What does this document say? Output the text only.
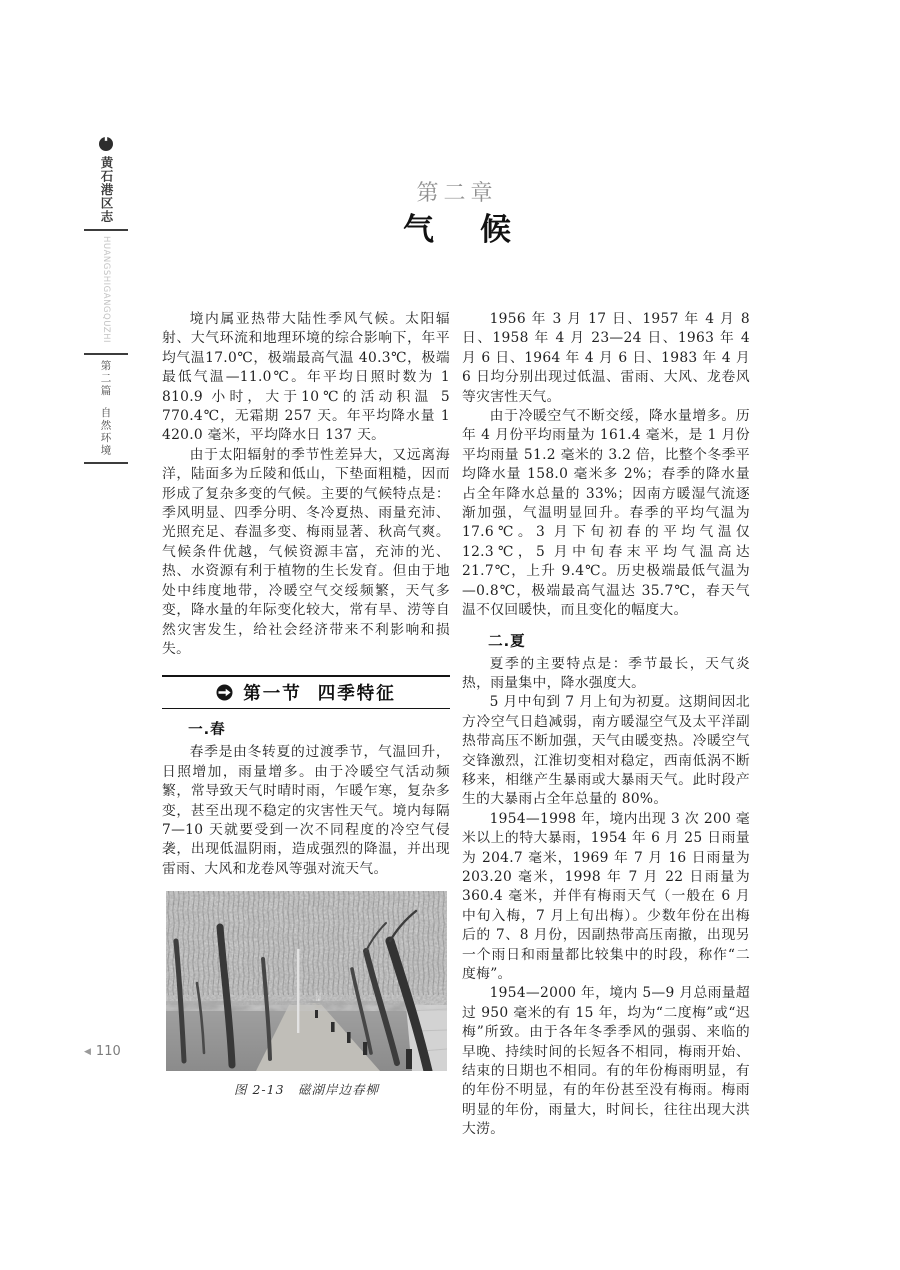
黄石港区志
HUANGSHIGANGQUZHI
第二篇
自然环境
第二章
气 候

境内属亚热带大陆性季风气候。太阳辐射、大气环流和地理环境的综合影响下，年平均气温17.0℃，极端最高气温 40.3℃，极端最低气温—11.0℃。年平均日照时数为 1 810.9 小时，大于10℃的活动积温 5 770.4℃，无霜期 257 天。年平均降水量 1 420.0 毫米，平均降水日 137 天。

由于太阳辐射的季节性差异大，又远离海洋，陆面多为丘陵和低山，下垫面粗糙，因而形成了复杂多变的气候。主要的气候特点是：季风明显、四季分明、冬冷夏热、雨量充沛、光照充足、春温多变、梅雨显著、秋高气爽。气候条件优越，气候资源丰富，充沛的光、热、水资源有利于植物的生长发育。但由于地处中纬度地带，冷暖空气交绥频繁，天气多变，降水量的年际变化较大，常有旱、涝等自然灾害发生，给社会经济带来不利影响和损失。

第一节 四季特征
一.春

春季是由冬转夏的过渡季节，气温回升，日照增加，雨量增多。由于冷暖空气活动频繁，常导致天气时晴时雨，乍暖乍寒，复杂多变，甚至出现不稳定的灾害性天气。境内每隔 7—10 天就要受到一次不同程度的冷空气侵袭，出现低温阴雨，造成强烈的降温，并出现雷雨、大风和龙卷风等强对流天气。

图 2-13　磁湖岸边春柳

1956 年 3 月 17 日、1957 年 4 月 8 日、1958 年 4 月 23—24 日、1963 年 4 月 6 日、1964 年 4 月 6 日、1983 年 4 月 6 日均分别出现过低温、雷雨、大风、龙卷风等灾害性天气。

由于冷暖空气不断交绥，降水量增多。历年 4 月份平均雨量为 161.4 毫米，是 1 月份平均雨量 51.2 毫米的 3.2 倍，比整个冬季平均降水量 158.0 毫米多 2%；春季的降水量占全年降水总量的 33%；因南方暖湿气流逐渐加强，气温明显回升。春季的平均气温为 17.6℃。3 月下旬初春的平均气温仅 12.3℃，5 月中旬春末平均气温高达 21.7℃，上升 9.4℃。历史极端最低气温为—0.8℃，极端最高气温达 35.7℃，春天气温不仅回暖快，而且变化的幅度大。

二.夏

夏季的主要特点是：季节最长，天气炎热，雨量集中，降水强度大。

5 月中旬到 7 月上旬为初夏。这期间因北方冷空气日趋减弱，南方暖湿空气及太平洋副热带高压不断加强，天气由暖变热。冷暖空气交锋激烈，江淮切变相对稳定，西南低涡不断移来，相继产生暴雨或大暴雨天气。此时段产生的大暴雨占全年总量的 80%。

1954—1998 年，境内出现 3 次 200 毫米以上的特大暴雨，1954 年 6 月 25 日雨量为 204.7 毫米，1969 年 7 月 16 日雨量为 203.20 毫米，1998 年 7 月 22 日雨量为 360.4 毫米，并伴有梅雨天气（一般在 6 月中旬入梅，7 月上旬出梅）。少数年份在出梅后的 7、8 月份，因副热带高压南撤，出现另一个雨日和雨量都比较集中的时段，称作“二度梅”。

1954—2000 年，境内 5—9 月总雨量超过 950 毫米的有 15 年，均为“二度梅”或“迟梅”所致。由于各年冬季季风的强弱、来临的早晚、持续时间的长短各不相同，梅雨开始、结束的日期也不相同。有的年份梅雨明显，有的年份不明显，有的年份甚至没有梅雨。梅雨明显的年份，雨量大，时间长，往往出现大洪大涝。

◀ 110
